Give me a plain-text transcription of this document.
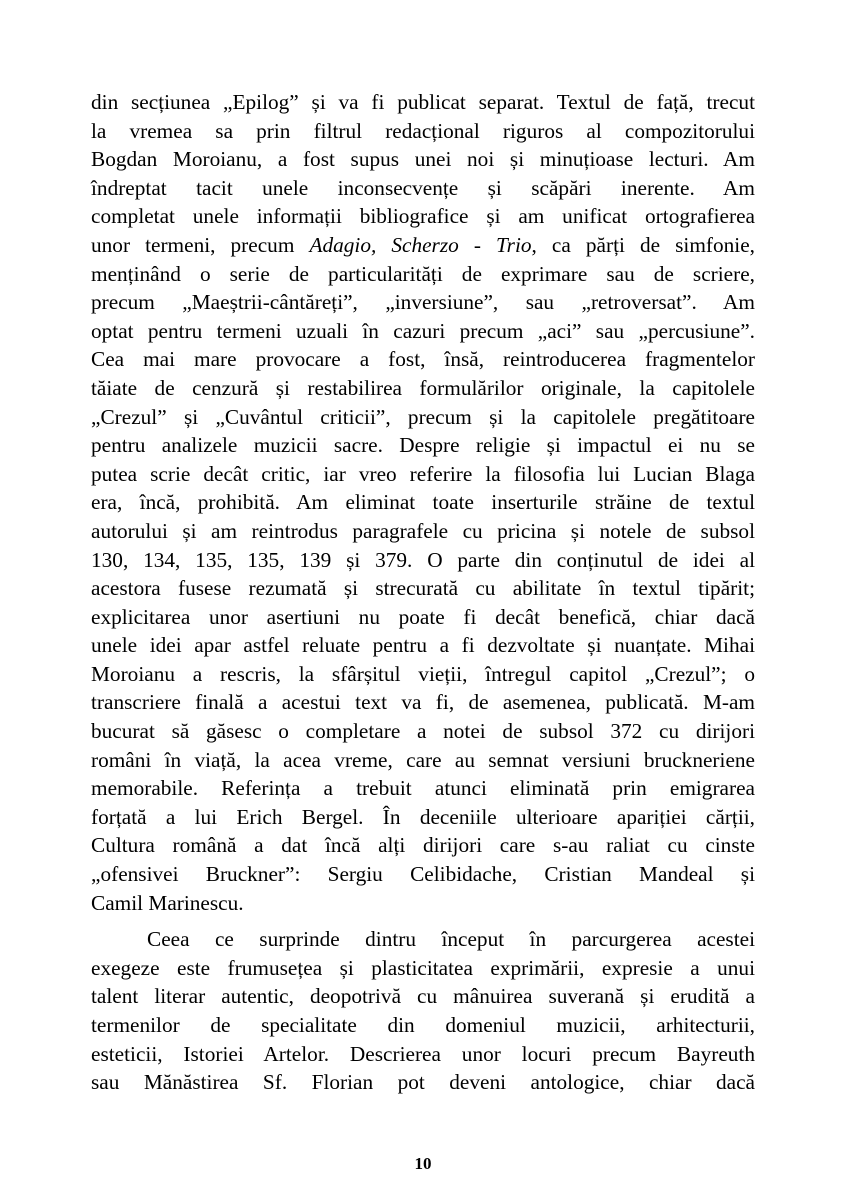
din secțiunea „Epilog” și va fi publicat separat. Textul de față, trecut
la vremea sa prin filtrul redacțional riguros al compozitorului
Bogdan Moroianu, a fost supus unei noi și minuțioase lecturi. Am
îndreptat tacit unele inconsecvențe și scăpări inerente. Am
completat unele informații bibliografice și am unificat ortografierea
unor termeni, precum Adagio, Scherzo - Trio, ca părți de simfonie,
menținând o serie de particularități de exprimare sau de scriere,
precum „Maeștrii-cântăreți”, „inversiune”, sau „retroversat”. Am
optat pentru termeni uzuali în cazuri precum „aci” sau „percusiune”.
Cea mai mare provocare a fost, însă, reintroducerea fragmentelor
tăiate de cenzură și restabilirea formulărilor originale, la capitolele
„Crezul” și „Cuvântul criticii”, precum și la capitolele pregătitoare
pentru analizele muzicii sacre. Despre religie și impactul ei nu se
putea scrie decât critic, iar vreo referire la filosofia lui Lucian Blaga
era, încă, prohibită. Am eliminat toate inserturile străine de textul
autorului și am reintrodus paragrafele cu pricina și notele de subsol
130, 134, 135, 135, 139 și 379. O parte din conținutul de idei al
acestora fusese rezumată și strecurată cu abilitate în textul tipărit;
explicitarea unor asertiuni nu poate fi decât benefică, chiar dacă
unele idei apar astfel reluate pentru a fi dezvoltate și nuanțate. Mihai
Moroianu a rescris, la sfârșitul vieții, întregul capitol „Crezul”; o
transcriere finală a acestui text va fi, de asemenea, publicată. M-am
bucurat să găsesc o completare a notei de subsol 372 cu dirijori
români în viață, la acea vreme, care au semnat versiuni bruckneriene
memorabile. Referința a trebuit atunci eliminată prin emigrarea
forțată a lui Erich Bergel. În deceniile ulterioare apariției cărții,
Cultura română a dat încă alți dirijori care s-au raliat cu cinste
„ofensivei Bruckner”: Sergiu Celibidache, Cristian Mandeal și
Camil Marinescu.

Ceea ce surprinde dintru început în parcurgerea acestei
exegeze este frumusețea și plasticitatea exprimării, expresie a unui
talent literar autentic, deopotrivă cu mânuirea suverană și erudită a
termenilor de specialitate din domeniul muzicii, arhitecturii,
esteticii, Istoriei Artelor. Descrierea unor locuri precum Bayreuth
sau Mănăstirea Sf. Florian pot deveni antologice, chiar dacă

10
